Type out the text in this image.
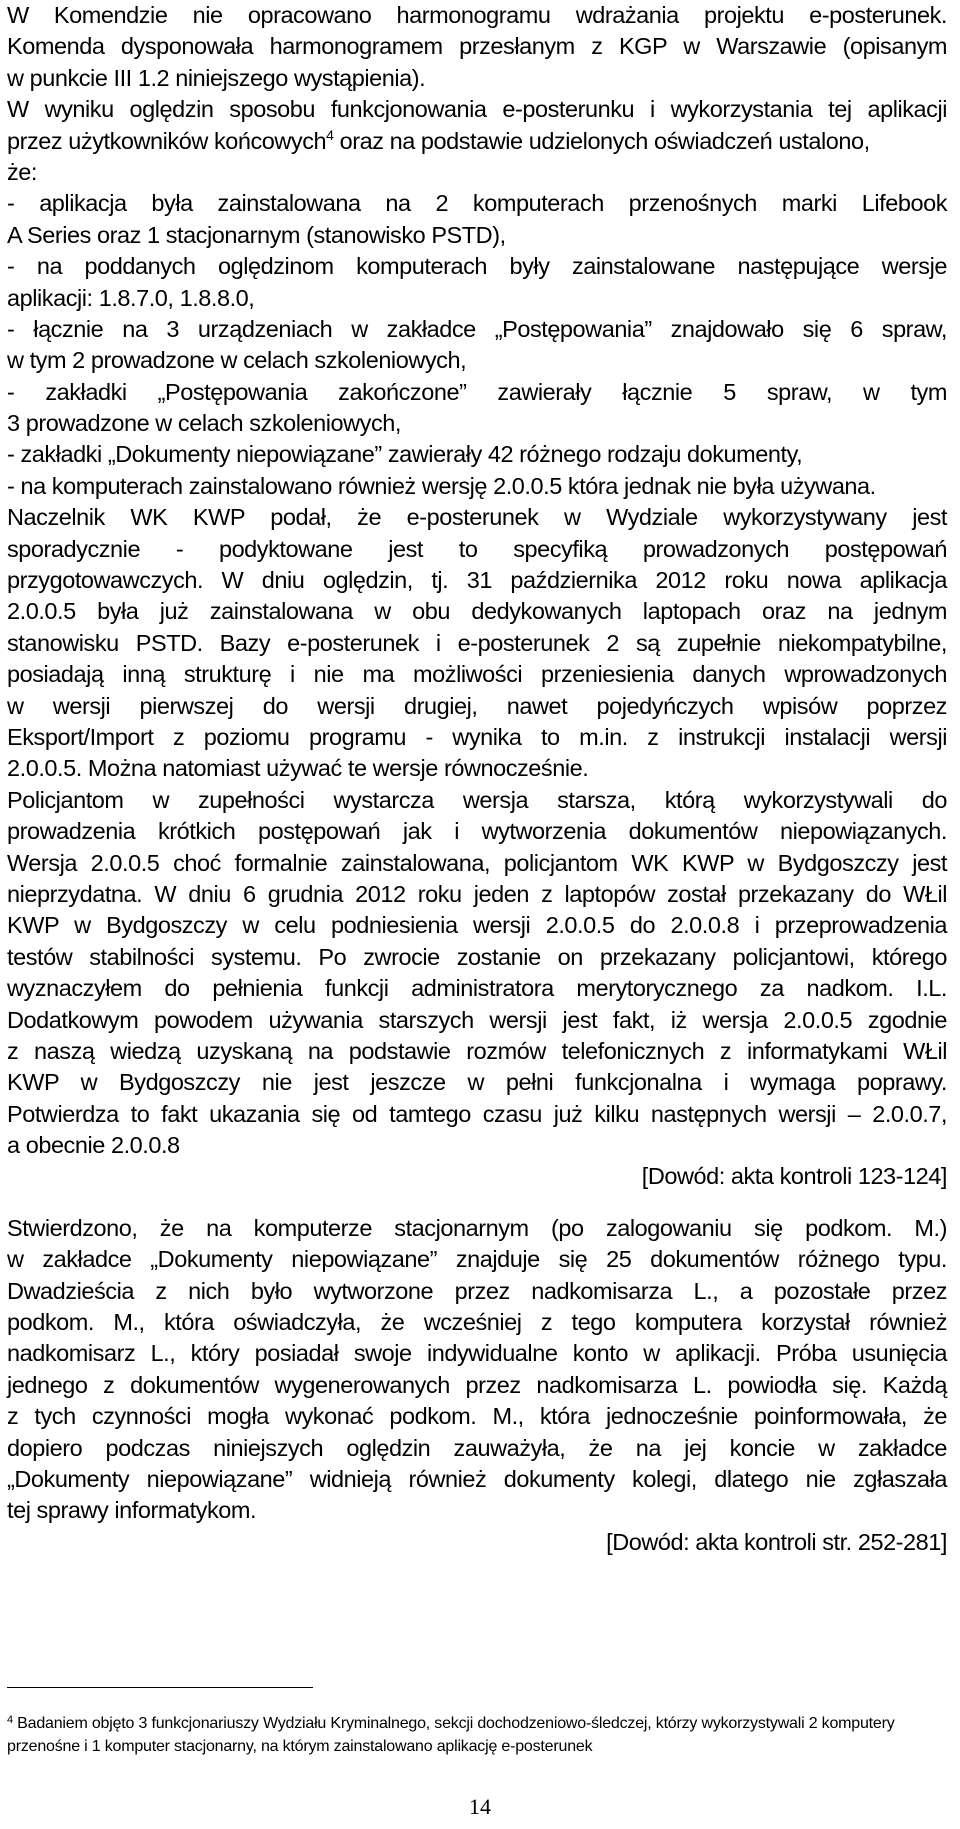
W Komendzie nie opracowano harmonogramu wdrażania projektu e-posterunek.
Komenda dysponowała harmonogramem przesłanym z KGP w Warszawie (opisanym
w punkcie III 1.2 niniejszego wystąpienia).
W wyniku oględzin sposobu funkcjonowania e-posterunku i wykorzystania tej aplikacji
przez użytkowników końcowych$^4$ oraz na podstawie udzielonych oświadczeń ustalono,
że:
- aplikacja była zainstalowana na 2 komputerach przenośnych marki Lifebook
A Series oraz 1 stacjonarnym (stanowisko PSTD),
- na poddanych oględzinom komputerach były zainstalowane następujące wersje
aplikacji: 1.8.7.0, 1.8.8.0,
- łącznie na 3 urządzeniach w zakładce „Postępowania” znajdowało się 6 spraw,
w tym 2 prowadzone w celach szkoleniowych,
- zakładki „Postępowania zakończone” zawierały łącznie 5 spraw, w tym
3 prowadzone w celach szkoleniowych,
- zakładki „Dokumenty niepowiązane” zawierały 42 różnego rodzaju dokumenty,
- na komputerach zainstalowano również wersję 2.0.0.5 która jednak nie była używana.
Naczelnik WK KWP podał, że e-posterunek w Wydziale wykorzystywany jest
sporadycznie - podyktowane jest to specyfiką prowadzonych postępowań
przygotowawczych. W dniu oględzin, tj. 31 października 2012 roku nowa aplikacja
2.0.0.5 była już zainstalowana w obu dedykowanych laptopach oraz na jednym
stanowisku PSTD. Bazy e-posterunek i e-posterunek 2 są zupełnie niekompatybilne,
posiadają inną strukturę i nie ma możliwości przeniesienia danych wprowadzonych
w wersji pierwszej do wersji drugiej, nawet pojedyńczych wpisów poprzez
Eksport/Import z poziomu programu - wynika to m.in. z instrukcji instalacji wersji
2.0.0.5. Można natomiast używać te wersje równocześnie.
Policjantom w zupełności wystarcza wersja starsza, którą wykorzystywali do
prowadzenia krótkich postępowań jak i wytworzenia dokumentów niepowiązanych.
Wersja 2.0.0.5 choć formalnie zainstalowana, policjantom WK KWP w Bydgoszczy jest
nieprzydatna. W dniu 6 grudnia 2012 roku jeden z laptopów został przekazany do WŁil
KWP w Bydgoszczy w celu podniesienia wersji 2.0.0.5 do 2.0.0.8 i przeprowadzenia
testów stabilności systemu. Po zwrocie zostanie on przekazany policjantowi, którego
wyznaczyłem do pełnienia funkcji administratora merytorycznego za nadkom. I.L.
Dodatkowym powodem używania starszych wersji jest fakt, iż wersja 2.0.0.5 zgodnie
z naszą wiedzą uzyskaną na podstawie rozmów telefonicznych z informatykami WŁil
KWP w Bydgoszczy nie jest jeszcze w pełni funkcjonalna i wymaga poprawy.
Potwierdza to fakt ukazania się od tamtego czasu już kilku następnych wersji – 2.0.0.7,
a obecnie 2.0.0.8
[Dowód: akta kontroli 123-124]
Stwierdzono, że na komputerze stacjonarnym (po zalogowaniu się podkom. M.)
w zakładce „Dokumenty niepowiązane” znajduje się 25 dokumentów różnego typu.
Dwadzieścia z nich było wytworzone przez nadkomisarza L., a pozostałe przez
podkom. M., która oświadczyła, że wcześniej z tego komputera korzystał również
nadkomisarz L., który posiadał swoje indywidualne konto w aplikacji. Próba usunięcia
jednego z dokumentów wygenerowanych przez nadkomisarza L. powiodła się. Każdą
z tych czynności mogła wykonać podkom. M., która jednocześnie poinformowała, że
dopiero podczas niniejszych oględzin zauważyła, że na jej koncie w zakładce
„Dokumenty niepowiązane” widnieją również dokumenty kolegi, dlatego nie zgłaszała
tej sprawy informatykom.
[Dowód: akta kontroli str. 252-281]
$^4$ Badaniem objęto 3 funkcjonariuszy Wydziału Kryminalnego, sekcji dochodzeniowo-śledczej, którzy wykorzystywali 2 komputery
przenośne i 1 komputer stacjonarny, na którym zainstalowano aplikację e-posterunek
14
